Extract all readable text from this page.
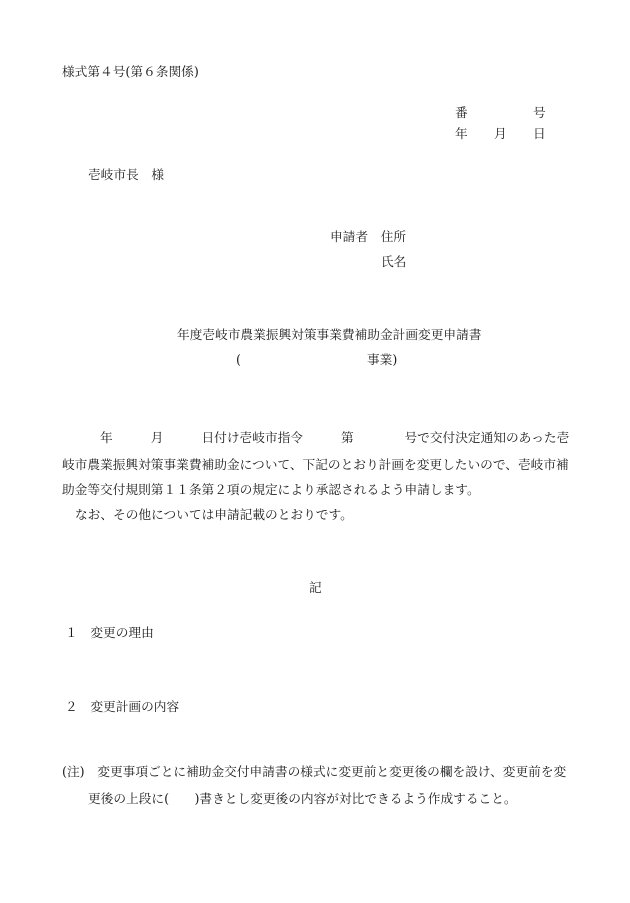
様式第４号(第６条関係)

番	号
年 月 日

壱岐市長　様

申請者　住所

氏名

年度壱岐市農業振興対策事業費補助金計画変更申請書

(	事業)

年　　　月　　　日付け壱岐市指令　　　第　　　　号で交付決定通知のあった壱

岐市農業振興対策事業費補助金について、下記のとおり計画を変更したいので、壱岐市補

助金等交付規則第１１条第２項の規定により承認されるよう申請します。

なお、その他については申請記載のとおりです。

記

１　変更の理由

２　変更計画の内容

(注)　変更事項ごとに補助金交付申請書の様式に変更前と変更後の欄を設け、変更前を変

更後の上段に(　　)書きとし変更後の内容が対比できるよう作成すること。
